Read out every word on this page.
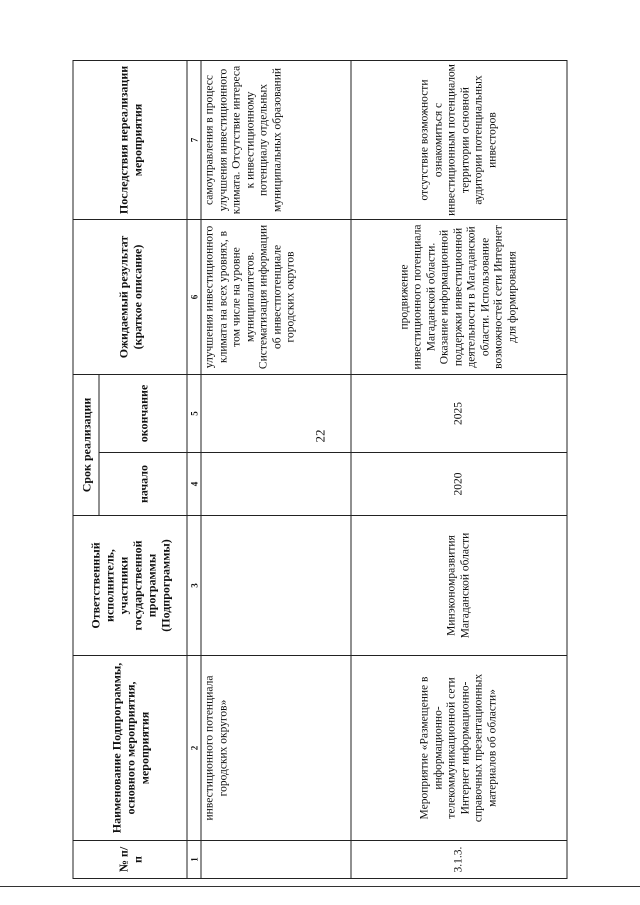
22
№ п/п	Наименование Подпрограммы, основного мероприятия, мероприятия	Ответственный исполнитель, участники государственной программы (Подпрограммы)	Срок реализации		Ожидаемый результат (краткое описание)	Последствия нереализации мероприятия
			начало	окончание		
1	2	3	4	5	6	7
	инвестиционного потенциала городских округов»				улучшения инвестиционного климата на всех уровнях, в том числе на уровне муниципалитетов. Систематизация информации об инвестпотенциале городских округов	самоуправления в процесс улучшения инвестиционного климата. Отсутствие интереса к инвестиционному потенциалу отдельных муниципальных образований
3.1.3.	Мероприятие «Размещение в информационно-телекоммуникационной сети Интернет информационно-справочных презентационных материалов об области»	Минэкономразвития Магаданской области	2020	2025	продвижение инвестиционного потенциала Магаданской области. Оказание информационной поддержки инвестиционной деятельности в Магаданской области. Использование возможностей сети Интернет для формирования	отсутствие возможности ознакомиться с инвестиционным потенциалом территории основной аудитории потенциальных инвесторов
